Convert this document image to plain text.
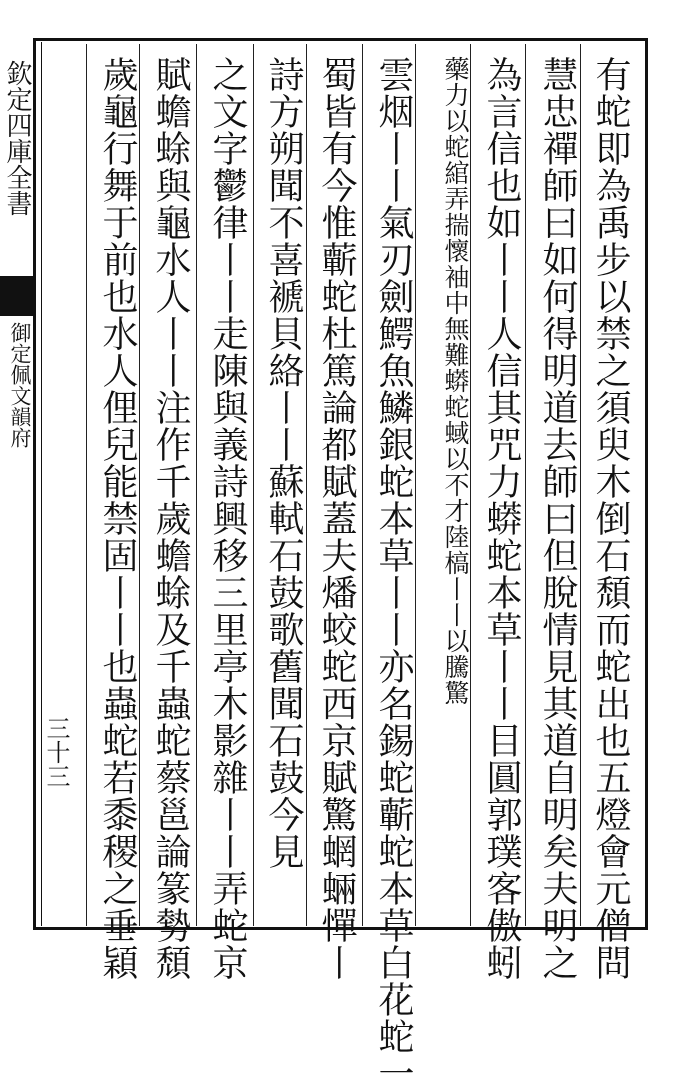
欽定四庫全書
御定佩文韻府
三十三	有蛇即為禹步以禁之須臾木倒石頹而蛇出也五燈會元僧問
慧忠禪師曰如何得明道去師曰但脫情見其道自明矣夫明之
為言信也如丨丨人信其咒力蟒蛇本草丨丨目圓郭璞客傲蚓
藥力以蛇綰弄揣懷袖中無難蟒蛇蜮以不才陸槁丨丨以騰驚
雲烟丨丨氣刃劍鰐魚鱗銀蛇本草丨丨亦名錫蛇蘄蛇本草白花蛇一
蜀皆有今惟蘄蛇杜篤論都賦蓋夫燔蛟蛇西京賦驚蝄蜽憚丨
詩方朔聞不喜褫貝絡丨丨蘇軾石鼓歌舊聞石鼓今見
之文字鬱律丨丨走陳與義詩興移三里亭木影雜丨丨弄蛇京
賦蟾蜍與龜水人丨丨注作千歲蟾蜍及千蟲蛇蔡邕論篆勢頹
歲龜行舞于前也水人俚兒能禁固丨丨也蟲蛇若黍稷之垂穎
